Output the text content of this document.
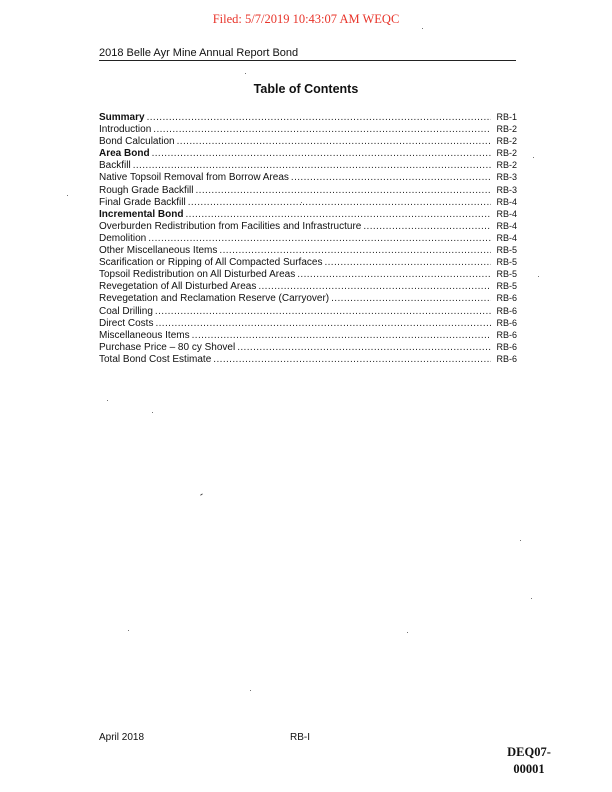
Filed: 5/7/2019 10:43:07 AM WEQC
2018 Belle Ayr Mine Annual Report Bond
Table of Contents
Summary .....	RB-1
Introduction .....	RB-2
Bond Calculation .....	RB-2
Area Bond .....	RB-2
Backfill .....	RB-2
Native Topsoil Removal from Borrow Areas .....	RB-3
Rough Grade Backfill .....	RB-3
Final Grade Backfill .....	RB-4
Incremental Bond .....	RB-4
Overburden Redistribution from Facilities and Infrastructure .....	RB-4
Demolition .....	RB-4
Other Miscellaneous Items .....	RB-5
Scarification or Ripping of All Compacted Surfaces .....	RB-5
Topsoil Redistribution on All Disturbed Areas .....	RB-5
Revegetation of All Disturbed Areas .....	RB-5
Revegetation and Reclamation Reserve (Carryover) .....	RB-6
Coal Drilling .....	RB-6
Direct Costs .....	RB-6
Miscellaneous Items .....	RB-6
Purchase Price – 80 cy Shovel .....	RB-6
Total Bond Cost Estimate .....	RB-6
April 2018	RB-I
DEQ07-
00001
